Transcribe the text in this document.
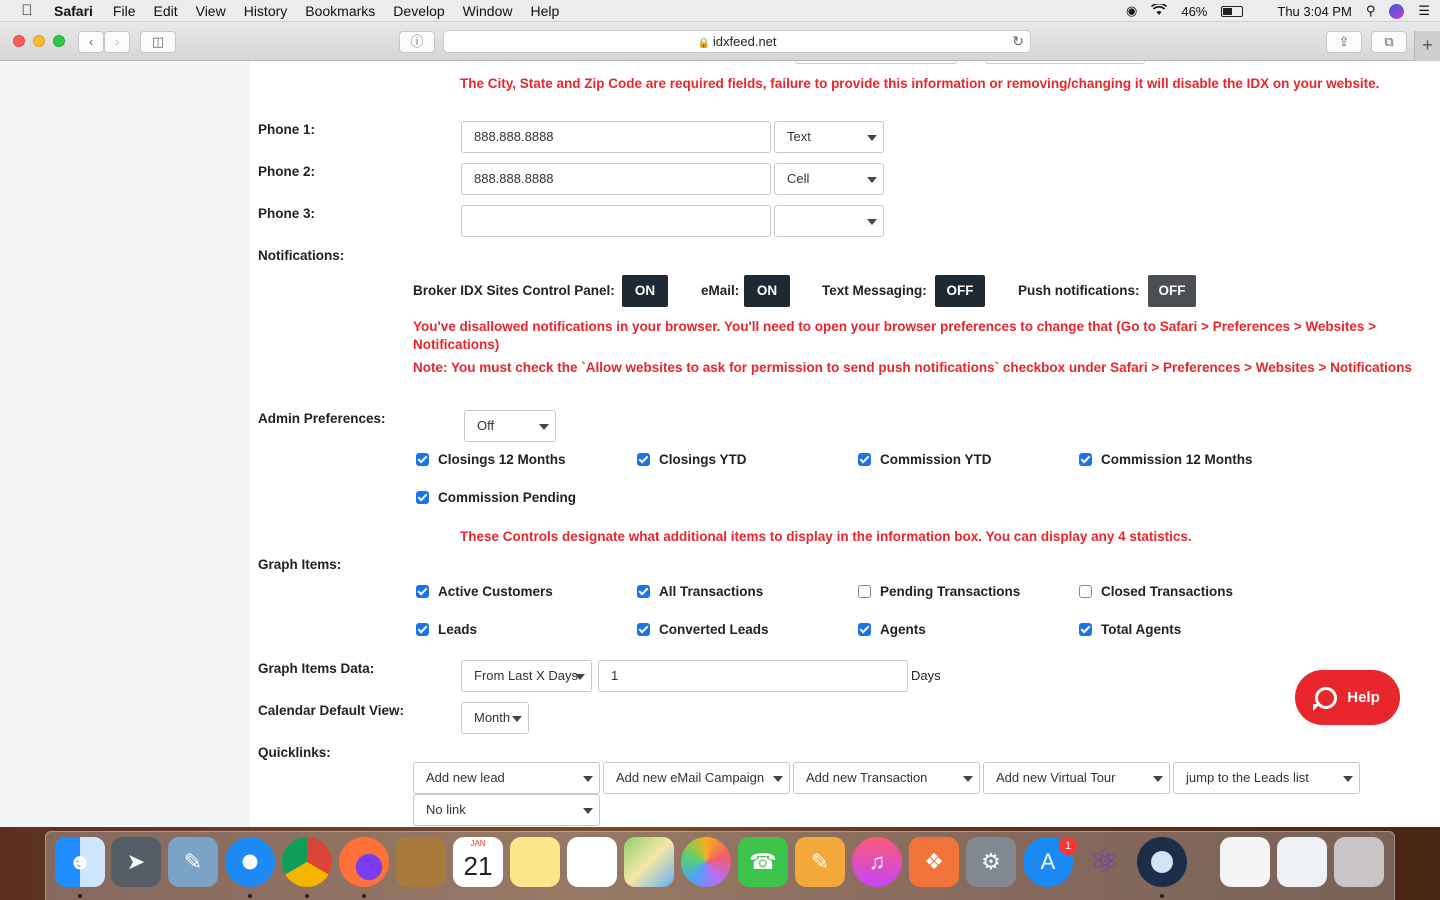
Safari File Edit View History Bookmarks Develop Window Help	◉	46%	Thu 3:04 PM ⚲	☰
‹	›	◫	ⓘ	🔒 idxfeed.net	↻	⇪	⧉	+
The City, State and Zip Code are required fields, failure to provide this information or removing/changing it will disable the IDX on your website.
Phone 1:	888.888.8888	Text
Phone 2:	888.888.8888	Cell
Phone 3:
Notifications:
Broker IDX Sites Control Panel:	ON	eMail:	ON	Text Messaging:	OFF	Push notifications:	OFF
You've disallowed notifications in your browser. You'll need to open your browser preferences to change that (Go to Safari > Preferences > Websites > Notifications)
Note: You must check the `Allow websites to ask for permission to send push notifications` checkbox under Safari > Preferences > Websites > Notifications
Admin Preferences:	Off
Closings 12 Months	Closings YTD	Commission YTD	Commission 12 Months
Commission Pending
These Controls designate what additional items to display in the information box. You can display any 4 statistics.
Graph Items:
Active Customers	All Transactions	Pending Transactions	Closed Transactions
Leads	Converted Leads	Agents	Total Agents
Graph Items Data:	From Last X Days	1	Days
Calendar Default View:	Month
Quicklinks:
Add new lead	Add new eMail Campaign	Add new Transaction	Add new Virtual Tour	jump to the Leads list
No link
Help
☻	➤	✎
JAN
21	☎	✎	♫	❖	⚙	A
1 ⚛
